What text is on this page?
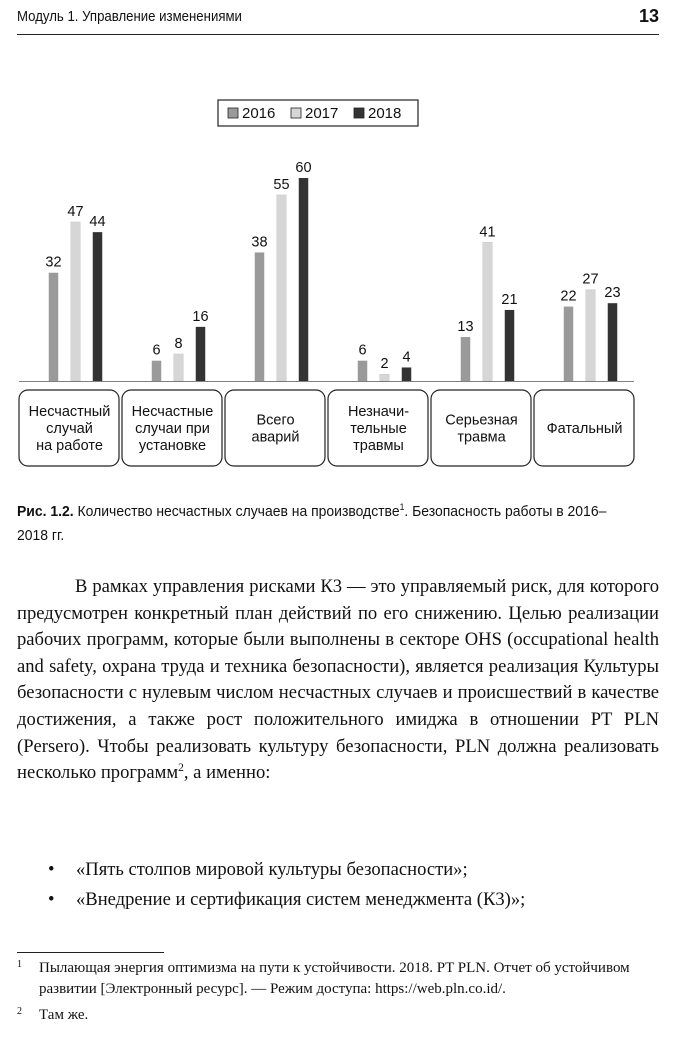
Модуль 1. Управление изменениями	13
2016 2017 2018
32
47
44
Несчастный
случай
на работе
6 8
16
Несчастные
случаи при
установке
38
55
60
Всего
аварий
6
2 4
Незначи-
тельные
травмы
13
41
21
Серьезная
травма
22
27
23
Фатальный
Рис. 1.2. Количество несчастных случаев на производстве$^1$. Безопасность работы в 2016–2018 гг.

В рамках управления рисками К3 — это управляемый риск, для которого предусмотрен конкретный план действий по его снижению. Целью реализации рабочих программ, которые были выполнены в секторе OHS (occupational health and safety, охрана труда и техника безопасности), является реализация Культуры безопасности с нулевым числом несчастных случаев и происшествий в качестве достижения, а также рост положительного имиджа в отношении PT PLN (Persero). Чтобы реализовать культуру безопасности, PLN должна реализовать несколько программ$^2$, а именно:

• «Пять столпов мировой культуры безопасности»;
• «Внедрение и сертификация систем менеджмента (К3)»;
1 Пылающая энергия оптимизма на пути к устойчивости. 2018. PT PLN. Отчет об устойчивом развитии [Электронный ресурс]. — Режим доступа: https://web.pln.co.id/.
2 Там же.
